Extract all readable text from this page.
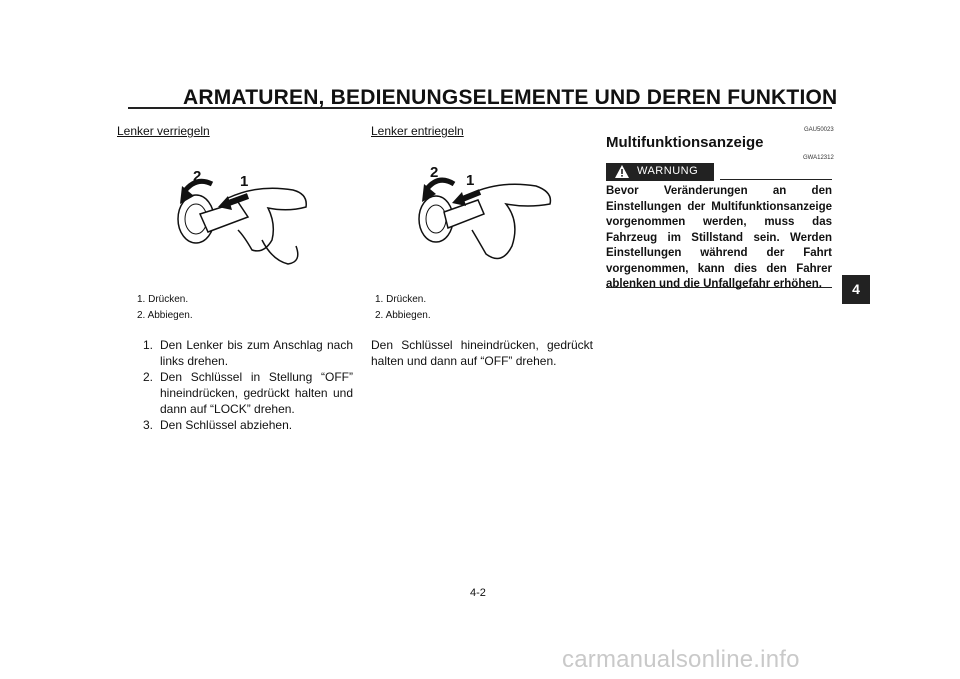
ARMATUREN, BEDIENUNGSELEMENTE UND DEREN FUNKTION
Lenker verriegeln
2	1
1. Drücken.
2. Abbiegen.
1. Den Lenker bis zum Anschlag nach links drehen.
2. Den Schlüssel in Stellung “OFF” hineindrücken, gedrückt halten und dann auf “LOCK” drehen.
3. Den Schlüssel abziehen.
Lenker entriegeln
2 1
1. Drücken.
2. Abbiegen.
Den Schlüssel hineindrücken, gedrückt halten und dann auf “OFF” drehen.
GAU50023
Multifunktionsanzeige
GWA12312
WARNUNG
Bevor Veränderungen an den Einstellungen der Multifunktionsanzeige vorgenommen werden, muss das Fahrzeug im Stillstand sein. Werden Einstellungen während der Fahrt vorgenommen, kann dies den Fahrer ablenken und die Unfallgefahr erhöhen.	4
4-2
carmanualsonline.info
